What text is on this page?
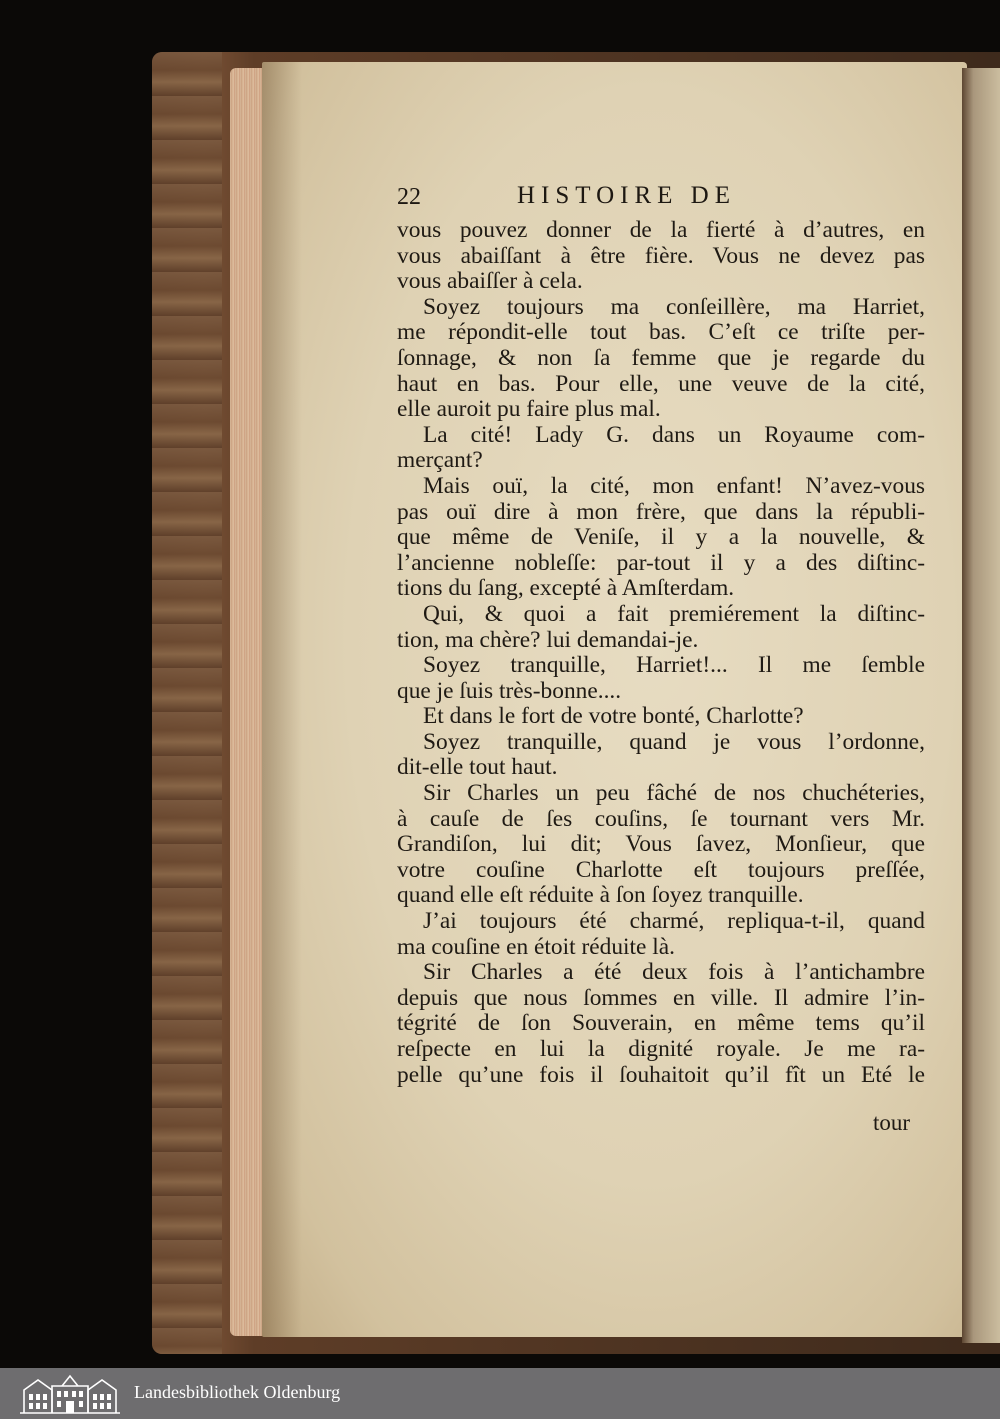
22	HISTOIRE DE
vous pouvez donner de la fierté à d’autres, en
vous abaiſſant à être fière. Vous ne devez pas
vous abaiſſer à cela.
Soyez toujours ma conſeillère, ma Harriet,
me répondit-elle tout bas. C’eſt ce triſte per-
ſonnage, & non ſa femme que je regarde du
haut en bas. Pour elle, une veuve de la cité,
elle auroit pu faire plus mal.
La cité! Lady G. dans un Royaume com-
merçant?
Mais ouï, la cité, mon enfant! N’avez-vous
pas ouï dire à mon frère, que dans la républi-
que même de Veniſe, il y a la nouvelle, &
l’ancienne nobleſſe: par-tout il y a des diſtinc-
tions du ſang, excepté à Amſterdam.
Qui, & quoi a fait premiérement la diſtinc-
tion, ma chère? lui demandai-je.
Soyez tranquille, Harriet!... Il me ſemble
que je ſuis très-bonne....
Et dans le fort de votre bonté, Charlotte?
Soyez tranquille, quand je vous l’ordonne,
dit-elle tout haut.
Sir Charles un peu fâché de nos chuchéteries,
à cauſe de ſes couſins, ſe tournant vers Mr.
Grandiſon, lui dit; Vous ſavez, Monſieur, que
votre couſine Charlotte eſt toujours preſſée,
quand elle eſt réduite à ſon ſoyez tranquille.
J’ai toujours été charmé, repliqua-t-il, quand
ma couſine en étoit réduite là.
Sir Charles a été deux fois à l’antichambre
depuis que nous ſommes en ville. Il admire l’in-
tégrité de ſon Souverain, en même tems qu’il
reſpecte en lui la dignité royale. Je me ra-
pelle qu’une fois il ſouhaitoit qu’il fît un Eté le
tour
Landesbibliothek Oldenburg
